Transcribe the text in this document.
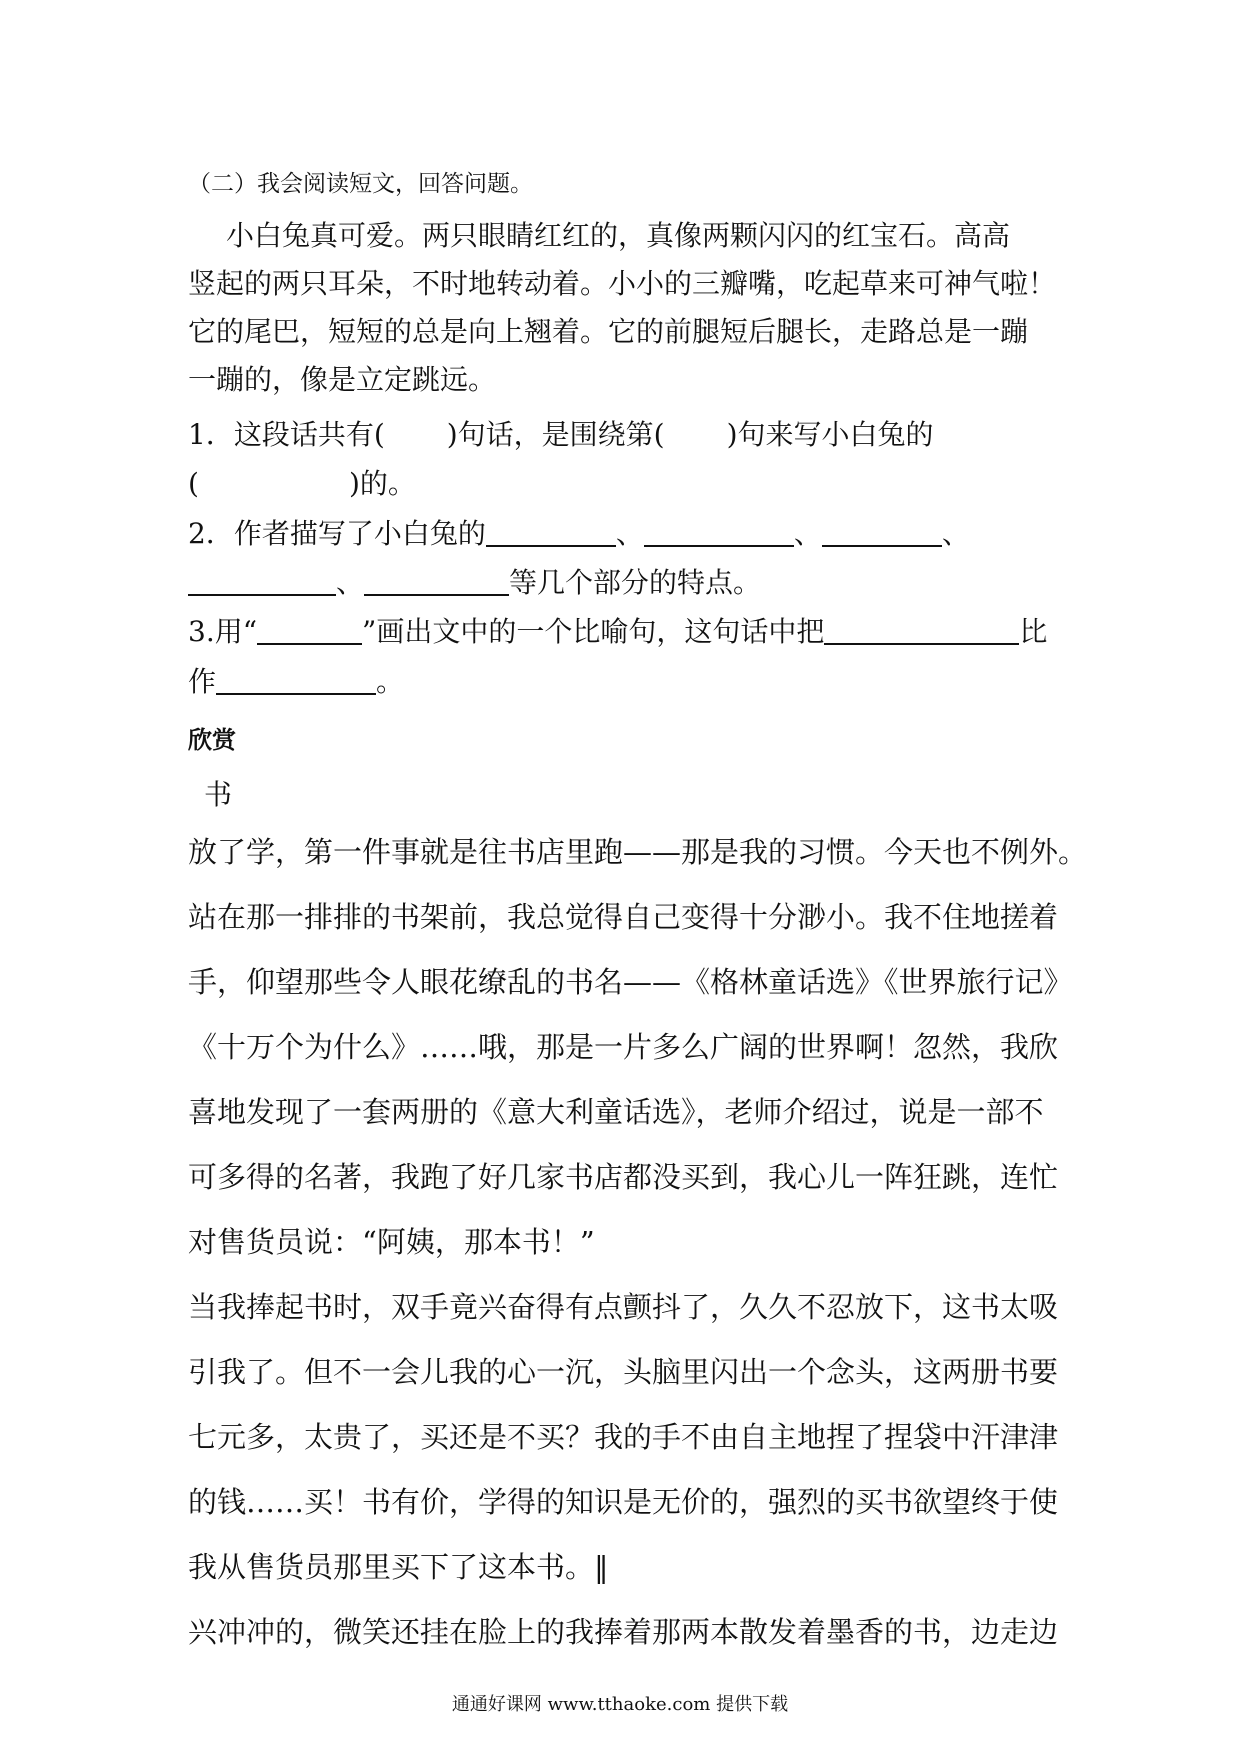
（二）我会阅读短文，回答问题。
小白兔真可爱。两只眼睛红红的，真像两颗闪闪的红宝石。高高
竖起的两只耳朵，不时地转动着。小小的三瓣嘴，吃起草来可神气啦！
它的尾巴，短短的总是向上翘着。它的前腿短后腿长，走路总是一蹦
一蹦的，像是立定跳远。
1．这段话共有( )句话，是围绕第( )句来写小白兔的
(	)的。
2．作者描写了小白兔的	、	、	、
、	等几个部分的特点。
3.用“	”画出文中的一个比喻句，这句话中把	比
作	。
欣赏
书
放了学，第一件事就是往书店里跑——那是我的习惯。今天也不例外。
站在那一排排的书架前，我总觉得自己变得十分渺小。我不住地搓着
手，仰望那些令人眼花缭乱的书名——《格林童话选》《世界旅行记》
《十万个为什么》……哦，那是一片多么广阔的世界啊！忽然，我欣
喜地发现了一套两册的《意大利童话选》，老师介绍过，说是一部不
可多得的名著，我跑了好几家书店都没买到，我心儿一阵狂跳，连忙
对售货员说：“阿姨，那本书！”
当我捧起书时，双手竟兴奋得有点颤抖了，久久不忍放下，这书太吸
引我了。但不一会儿我的心一沉，头脑里闪出一个念头，这两册书要
七元多，太贵了，买还是不买？我的手不由自主地捏了捏袋中汗津津
的钱……买！书有价，学得的知识是无价的，强烈的买书欲望终于使
我从售货员那里买下了这本书。‖
兴冲冲的，微笑还挂在脸上的我捧着那两本散发着墨香的书，边走边
通通好课网 www.tthaoke.com 提供下载
